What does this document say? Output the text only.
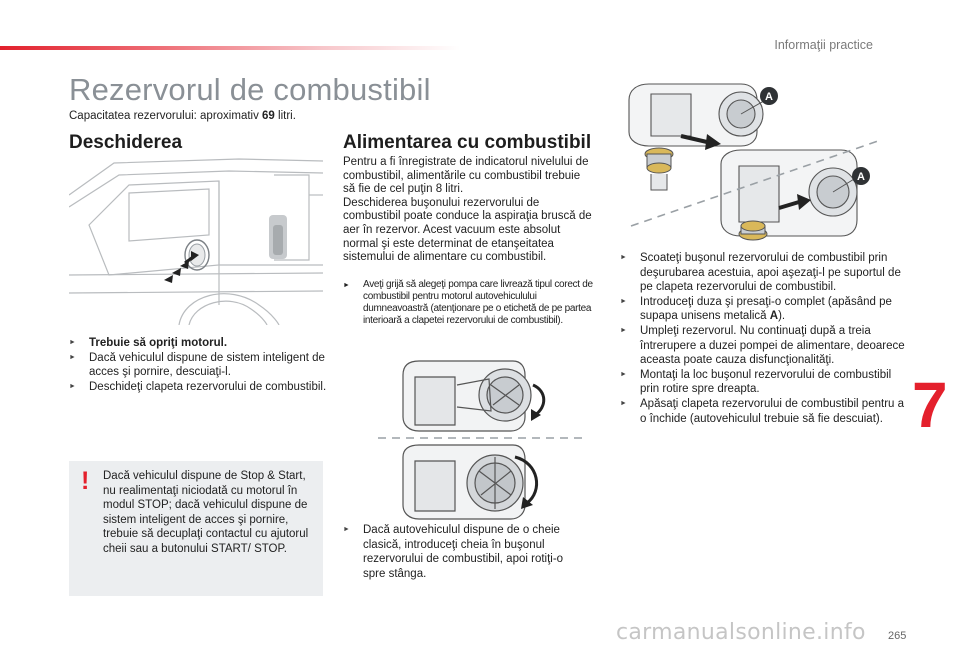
Informaţii practice
Rezervorul de combustibil
Capacitatea rezervorului: aproximativ 69 litri.
Deschiderea	Alimentarea cu combustibil
►
Trebuie să opriţi motorul.
►
Dacă vehiculul dispune de sistem inteligent de acces şi pornire, descuiaţi-l.
►
Deschideţi clapeta rezervorului de combustibil.
! Dacă vehiculul dispune de Stop & Start, nu realimentaţi niciodată cu motorul în modul STOP; dacă vehiculul dispune de sistem inteligent de acces şi pornire, trebuie să decuplaţi contactul cu ajutorul cheii sau a butonului START/ STOP.

Pentru a fi înregistrate de indicatorul nivelului de combustibil, alimentările cu combustibil trebuie să fie de cel puţin 8 litri.

Deschiderea buşonului rezervorului de combustibil poate conduce la aspiraţia bruscă de aer în rezervor. Acest vacuum este absolut normal şi este determinat de etanşeitatea sistemului de alimentare cu combustibil.

►
Aveţi grijă să alegeţi pompa care livrează tipul corect de combustibil pentru motorul autovehiculului dumneavoastră (atenţionare pe o etichetă de pe partea interioară a clapetei rezervorului de combustibil).
►
Dacă autovehiculul dispune de o cheie clasică, introduceţi cheia în buşonul rezervorului de combustibil, apoi rotiţi-o spre stânga.
A
A
►
Scoateţi buşonul rezervorului de combustibil prin deşurubarea acestuia, apoi aşezaţi-l pe suportul de pe clapeta rezervorului de combustibil.
►
Introduceţi duza şi presaţi-o complet (apăsând pe supapa unisens metalică A).
►
Umpleţi rezervorul. Nu continuaţi după a treia întrerupere a duzei pompei de alimentare, deoarece aceasta poate cauza disfuncţionalităţi.
►
Montaţi la loc buşonul rezervorului de combustibil prin rotire spre dreapta.
►
Apăsaţi clapeta rezervorului de combustibil pentru a o închide (autovehiculul trebuie să fie descuiat). 7
265
carmanualsonline.info
